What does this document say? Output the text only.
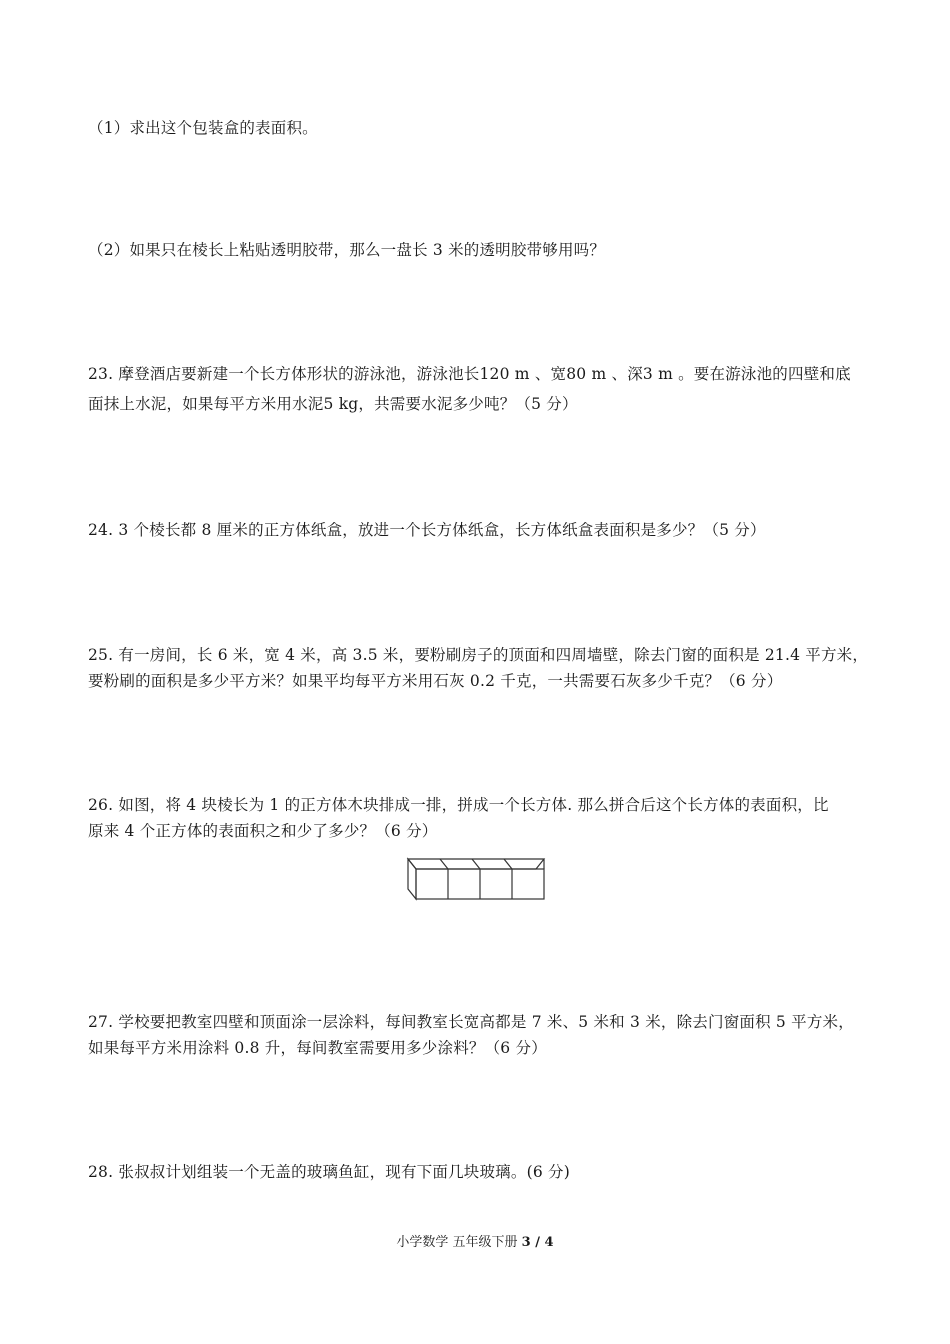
（1）求出这个包装盒的表面积。
（2）如果只在棱长上粘贴透明胶带，那么一盘长 3 米的透明胶带够用吗？
23. 摩登酒店要新建一个长方体形状的游泳池，游泳池长120 m 、宽80 m 、深3 m 。要在游泳池的四壁和底
面抹上水泥，如果每平方米用水泥5 kg，共需要水泥多少吨？（5 分）
24. 3 个棱长都 8 厘米的正方体纸盒，放进一个长方体纸盒，长方体纸盒表面积是多少？（5 分）
25. 有一房间，长 6 米，宽 4 米，高 3.5 米，要粉刷房子的顶面和四周墙壁，除去门窗的面积是 21.4 平方米，
要粉刷的面积是多少平方米？如果平均每平方米用石灰 0.2 千克，一共需要石灰多少千克？（6 分）
26. 如图，将 4 块棱长为 1 的正方体木块排成一排，拼成一个长方体. 那么拼合后这个长方体的表面积，比
原来 4 个正方体的表面积之和少了多少？（6 分）
27. 学校要把教室四壁和顶面涂一层涂料，每间教室长宽高都是 7 米、5 米和 3 米，除去门窗面积 5 平方米，
如果每平方米用涂料 0.8 升，每间教室需要用多少涂料？（6 分）
28. 张叔叔计划组装一个无盖的玻璃鱼缸，现有下面几块玻璃。(6 分)
小学数学 五年级下册 3 / 4
